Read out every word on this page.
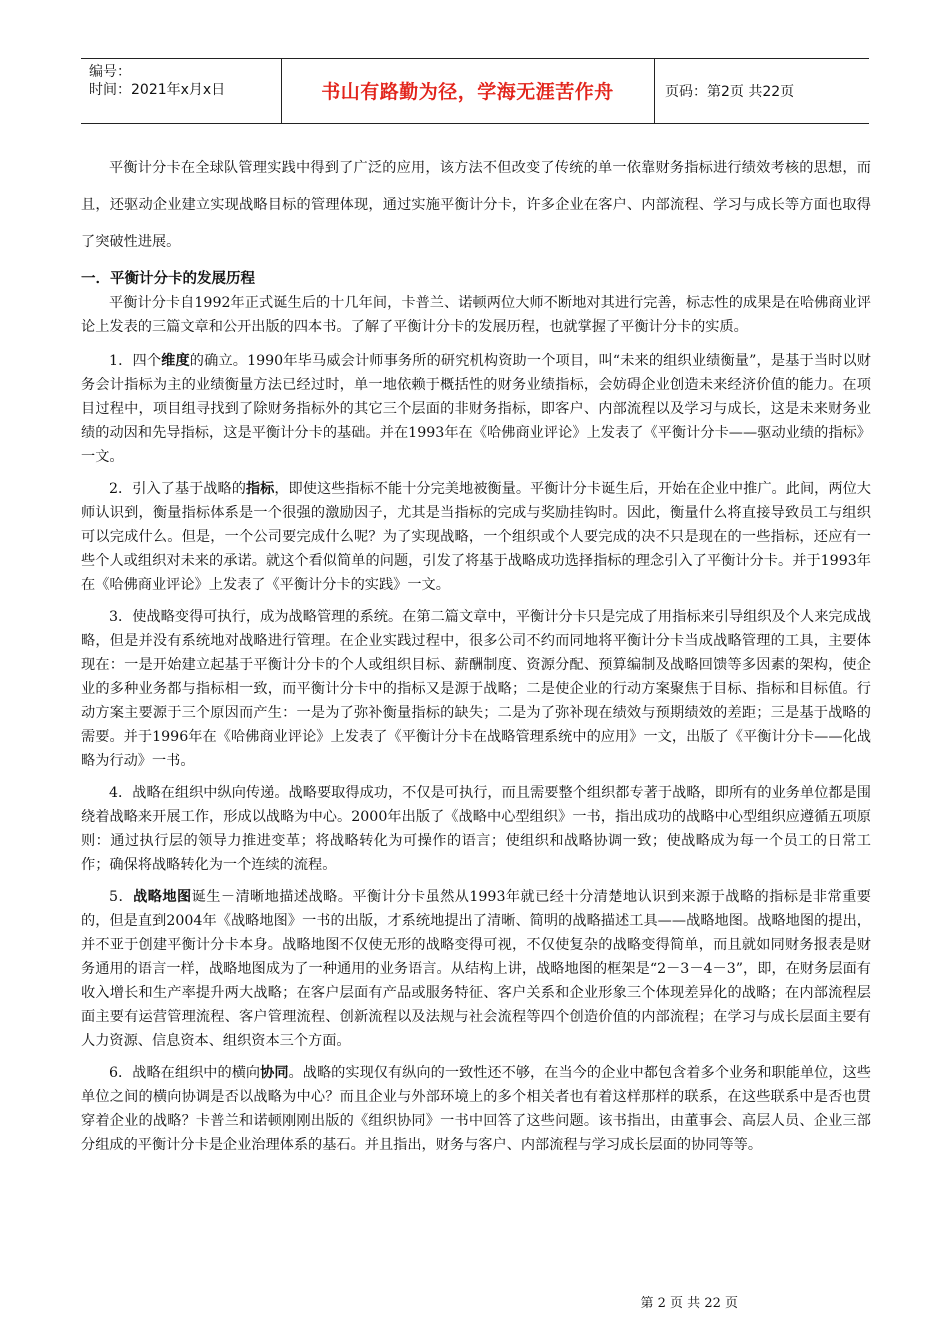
编号：
时间：2021年x月x日	书山有路勤为径，学海无涯苦作舟	页码：第2页 共22页

平衡计分卡在全球队管理实践中得到了广泛的应用，该方法不但改变了传统的单一依靠财务指标进行绩效考核的思想，而且，还驱动企业建立实现战略目标的管理体现，通过实施平衡计分卡，许多企业在客户、内部流程、学习与成长等方面也取得了突破性进展。

一．平衡计分卡的发展历程

平衡计分卡自1992年正式诞生后的十几年间，卡普兰、诺顿两位大师不断地对其进行完善，标志性的成果是在哈佛商业评论上发表的三篇文章和公开出版的四本书。了解了平衡计分卡的发展历程，也就掌握了平衡计分卡的实质。

1．四个维度的确立。1990年毕马威会计师事务所的研究机构资助一个项目，叫“未来的组织业绩衡量”，是基于当时以财务会计指标为主的业绩衡量方法已经过时，单一地依赖于概括性的财务业绩指标，会妨碍企业创造未来经济价值的能力。在项目过程中，项目组寻找到了除财务指标外的其它三个层面的非财务指标，即客户、内部流程以及学习与成长，这是未来财务业绩的动因和先导指标，这是平衡计分卡的基础。并在1993年在《哈佛商业评论》上发表了《平衡计分卡——驱动业绩的指标》一文。

2．引入了基于战略的指标，即使这些指标不能十分完美地被衡量。平衡计分卡诞生后，开始在企业中推广。此间，两位大师认识到，衡量指标体系是一个很强的激励因子，尤其是当指标的完成与奖励挂钩时。因此，衡量什么将直接导致员工与组织可以完成什么。但是，一个公司要完成什么呢？为了实现战略，一个组织或个人要完成的决不只是现在的一些指标，还应有一些个人或组织对未来的承诺。就这个看似简单的问题，引发了将基于战略成功选择指标的理念引入了平衡计分卡。并于1993年在《哈佛商业评论》上发表了《平衡计分卡的实践》一文。

3．使战略变得可执行，成为战略管理的系统。在第二篇文章中，平衡计分卡只是完成了用指标来引导组织及个人来完成战略，但是并没有系统地对战略进行管理。在企业实践过程中，很多公司不约而同地将平衡计分卡当成战略管理的工具，主要体现在：一是开始建立起基于平衡计分卡的个人或组织目标、薪酬制度、资源分配、预算编制及战略回馈等多因素的架构，使企业的多种业务都与指标相一致，而平衡计分卡中的指标又是源于战略；二是使企业的行动方案聚焦于目标、指标和目标值。行动方案主要源于三个原因而产生：一是为了弥补衡量指标的缺失；二是为了弥补现在绩效与预期绩效的差距；三是基于战略的需要。并于1996年在《哈佛商业评论》上发表了《平衡计分卡在战略管理系统中的应用》一文，出版了《平衡计分卡——化战略为行动》一书。

4．战略在组织中纵向传递。战略要取得成功，不仅是可执行，而且需要整个组织都专著于战略，即所有的业务单位都是围绕着战略来开展工作，形成以战略为中心。2000年出版了《战略中心型组织》一书，指出成功的战略中心型组织应遵循五项原则：通过执行层的领导力推进变革；将战略转化为可操作的语言；使组织和战略协调一致；使战略成为每一个员工的日常工作；确保将战略转化为一个连续的流程。

5．战略地图诞生－清晰地描述战略。平衡计分卡虽然从1993年就已经十分清楚地认识到来源于战略的指标是非常重要的，但是直到2004年《战略地图》一书的出版，才系统地提出了清晰、简明的战略描述工具——战略地图。战略地图的提出，并不亚于创建平衡计分卡本身。战略地图不仅使无形的战略变得可视，不仅使复杂的战略变得简单，而且就如同财务报表是财务通用的语言一样，战略地图成为了一种通用的业务语言。从结构上讲，战略地图的框架是“2－3－4－3”，即，在财务层面有收入增长和生产率提升两大战略；在客户层面有产品或服务特征、客户关系和企业形象三个体现差异化的战略；在内部流程层面主要有运营管理流程、客户管理流程、创新流程以及法规与社会流程等四个创造价值的内部流程；在学习与成长层面主要有人力资源、信息资本、组织资本三个方面。

6．战略在组织中的横向协同。战略的实现仅有纵向的一致性还不够，在当今的企业中都包含着多个业务和职能单位，这些单位之间的横向协调是否以战略为中心？而且企业与外部环境上的多个相关者也有着这样那样的联系，在这些联系中是否也贯穿着企业的战略？卡普兰和诺顿刚刚出版的《组织协同》一书中回答了这些问题。该书指出，由董事会、高层人员、企业三部分组成的平衡计分卡是企业治理体系的基石。并且指出，财务与客户、内部流程与学习成长层面的协同等等。

第 2 页 共 22 页
